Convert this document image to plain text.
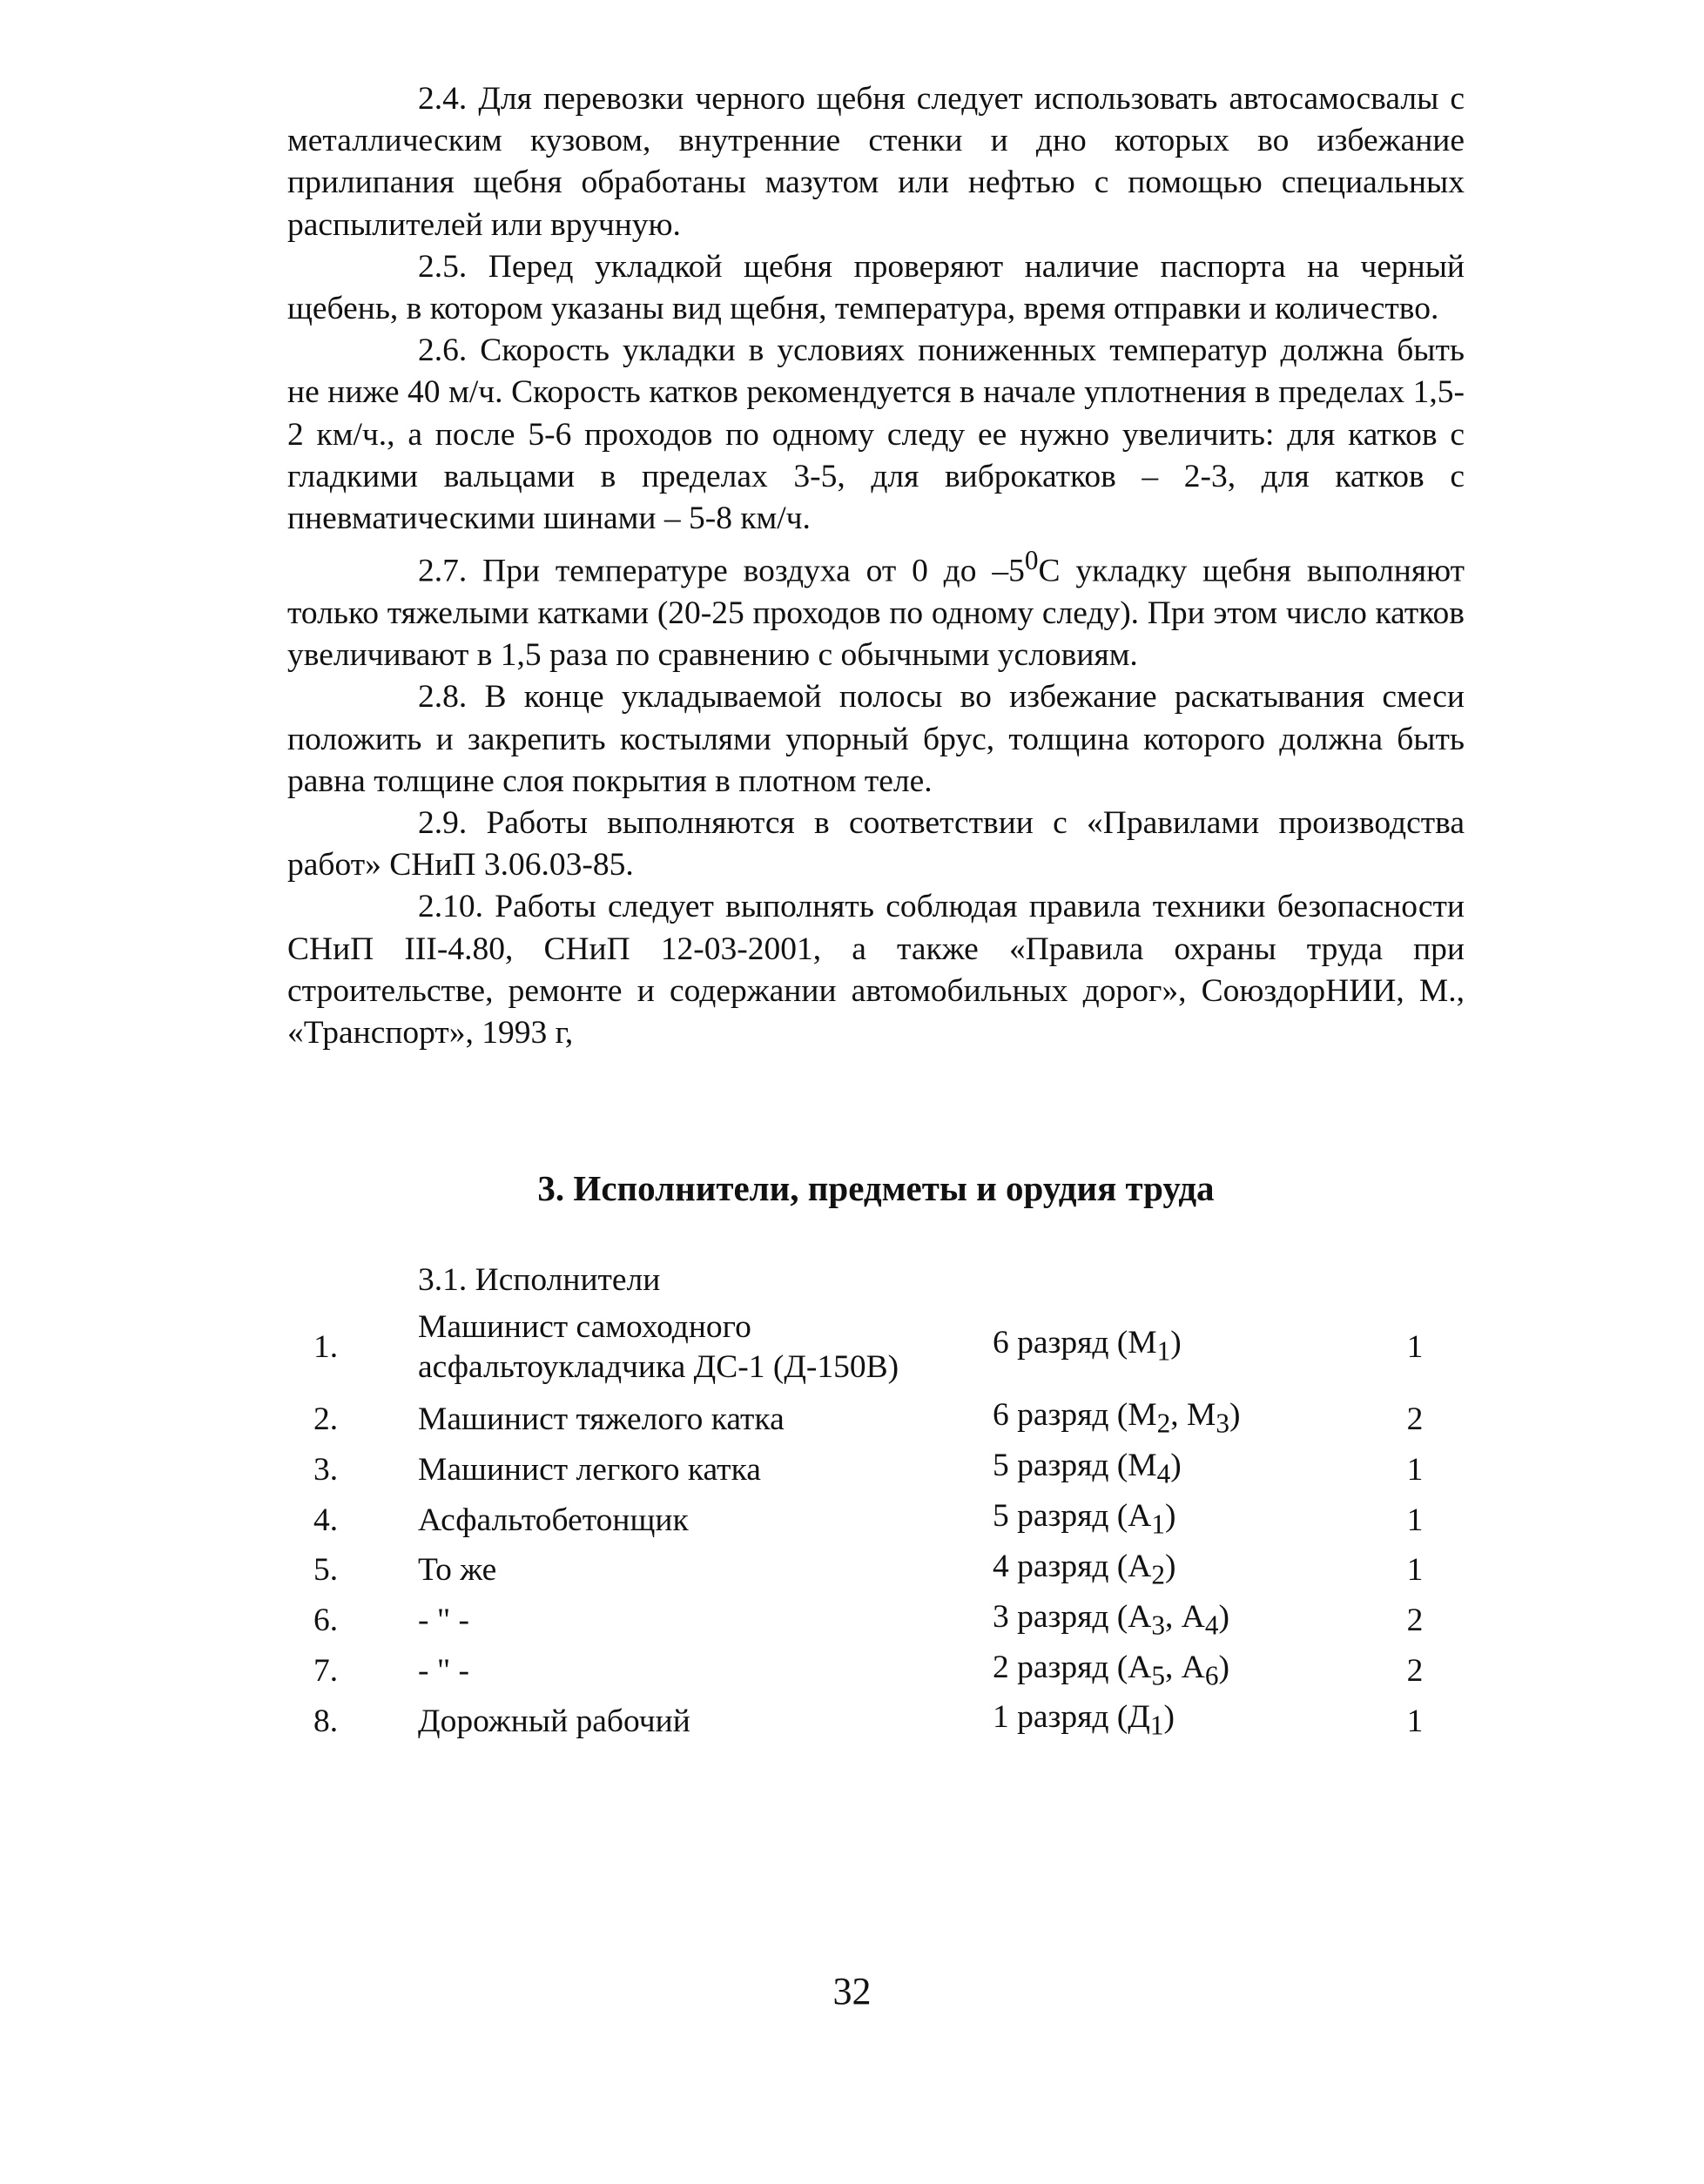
2.4. Для перевозки черного щебня следует использовать автосамосвалы с металлическим кузовом, внутренние стенки и дно которых во избежание прилипания щебня обработаны мазутом или нефтью с помощью специальных распылителей или вручную.

2.5. Перед укладкой щебня проверяют наличие паспорта на черный щебень, в котором указаны вид щебня, температура, время отправки и количество.

2.6. Скорость укладки в условиях пониженных температур должна быть не ниже 40 м/ч. Скорость катков рекомендуется в начале уплотнения в пределах 1,5-2 км/ч., а после 5-6 проходов по одному следу ее нужно увеличить: для катков с гладкими вальцами в пределах 3-5, для виброкатков – 2-3, для катков с пневматическими шинами – 5-8 км/ч.

2.7. При температуре воздуха от 0 до $-5^0С$ укладку щебня выполняют только тяжелыми катками (20-25 проходов по одному следу). При этом число катков увеличивают в 1,5 раза по сравнению с обычными условиям.

2.8. В конце укладываемой полосы во избежание раскатывания смеси положить и закрепить костылями упорный брус, толщина которого должна быть равна толщине слоя покрытия в плотном теле.

2.9. Работы выполняются в соответствии с «Правилами производства работ» СНиП 3.06.03-85.

2.10. Работы следует выполнять соблюдая правила техники безопасности СНиП III-4.80, СНиП 12-03-2001, а также «Правила охраны труда при строительстве, ремонте и содержании автомобильных дорог», СоюздорНИИ, М., «Транспорт», 1993 г,

3. Исполнители, предметы и орудия труда
3.1. Исполнители
1.	Машинист самоходного асфальтоукладчика ДС-1 (Д-150В)	6 разряд $(М_1)$	1
2.	Машинист тяжелого катка	6 разряд ($М_2$, $М_3$)	2
3.	Машинист легкого катка	5 разряд $(М_4)$	1
4.	Асфальтобетонщик	5 разряд $(А_1)$	1
5.	То же	4 разряд $(А_2)$	1
6.	- " -	3 разряд ($А_3$, $А_4$)	2
7.	- " -	2 разряд ($А_5$, $А_6$)	2
8.	Дорожный рабочий	1 разряд $(Д_1)$	1
32
